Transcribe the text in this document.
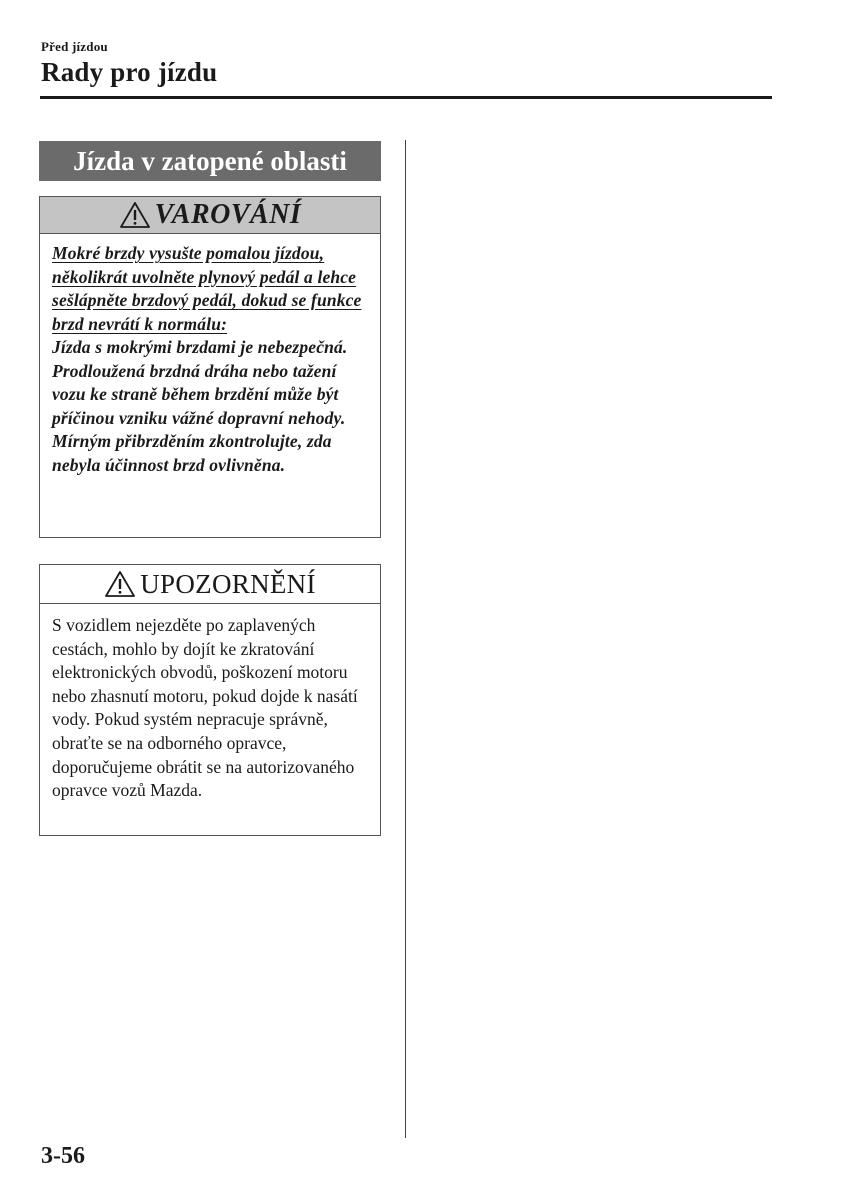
Před jízdou
Rady pro jízdu
Jízda v zatopené oblasti
VAROVÁNÍ

Mokré brzdy vysušte pomalou jízdou, několikrát uvolněte plynový pedál a lehce sešlápněte brzdový pedál, dokud se funkce brzd nevrátí k normálu:

Jízda s mokrými brzdami je nebezpečná. Prodloužená brzdná dráha nebo tažení vozu ke straně během brzdění může být příčinou vzniku vážné dopravní nehody. Mírným přibrzděním zkontrolujte, zda nebyla účinnost brzd ovlivněna.

UPOZORNĚNÍ

S vozidlem nejezděte po zaplavených cestách, mohlo by dojít ke zkratování elektronických obvodů, poškození motoru nebo zhasnutí motoru, pokud dojde k nasátí vody. Pokud systém nepracuje správně, obraťte se na odborného opravce, doporučujeme obrátit se na autorizovaného opravce vozů Mazda.

3-56
